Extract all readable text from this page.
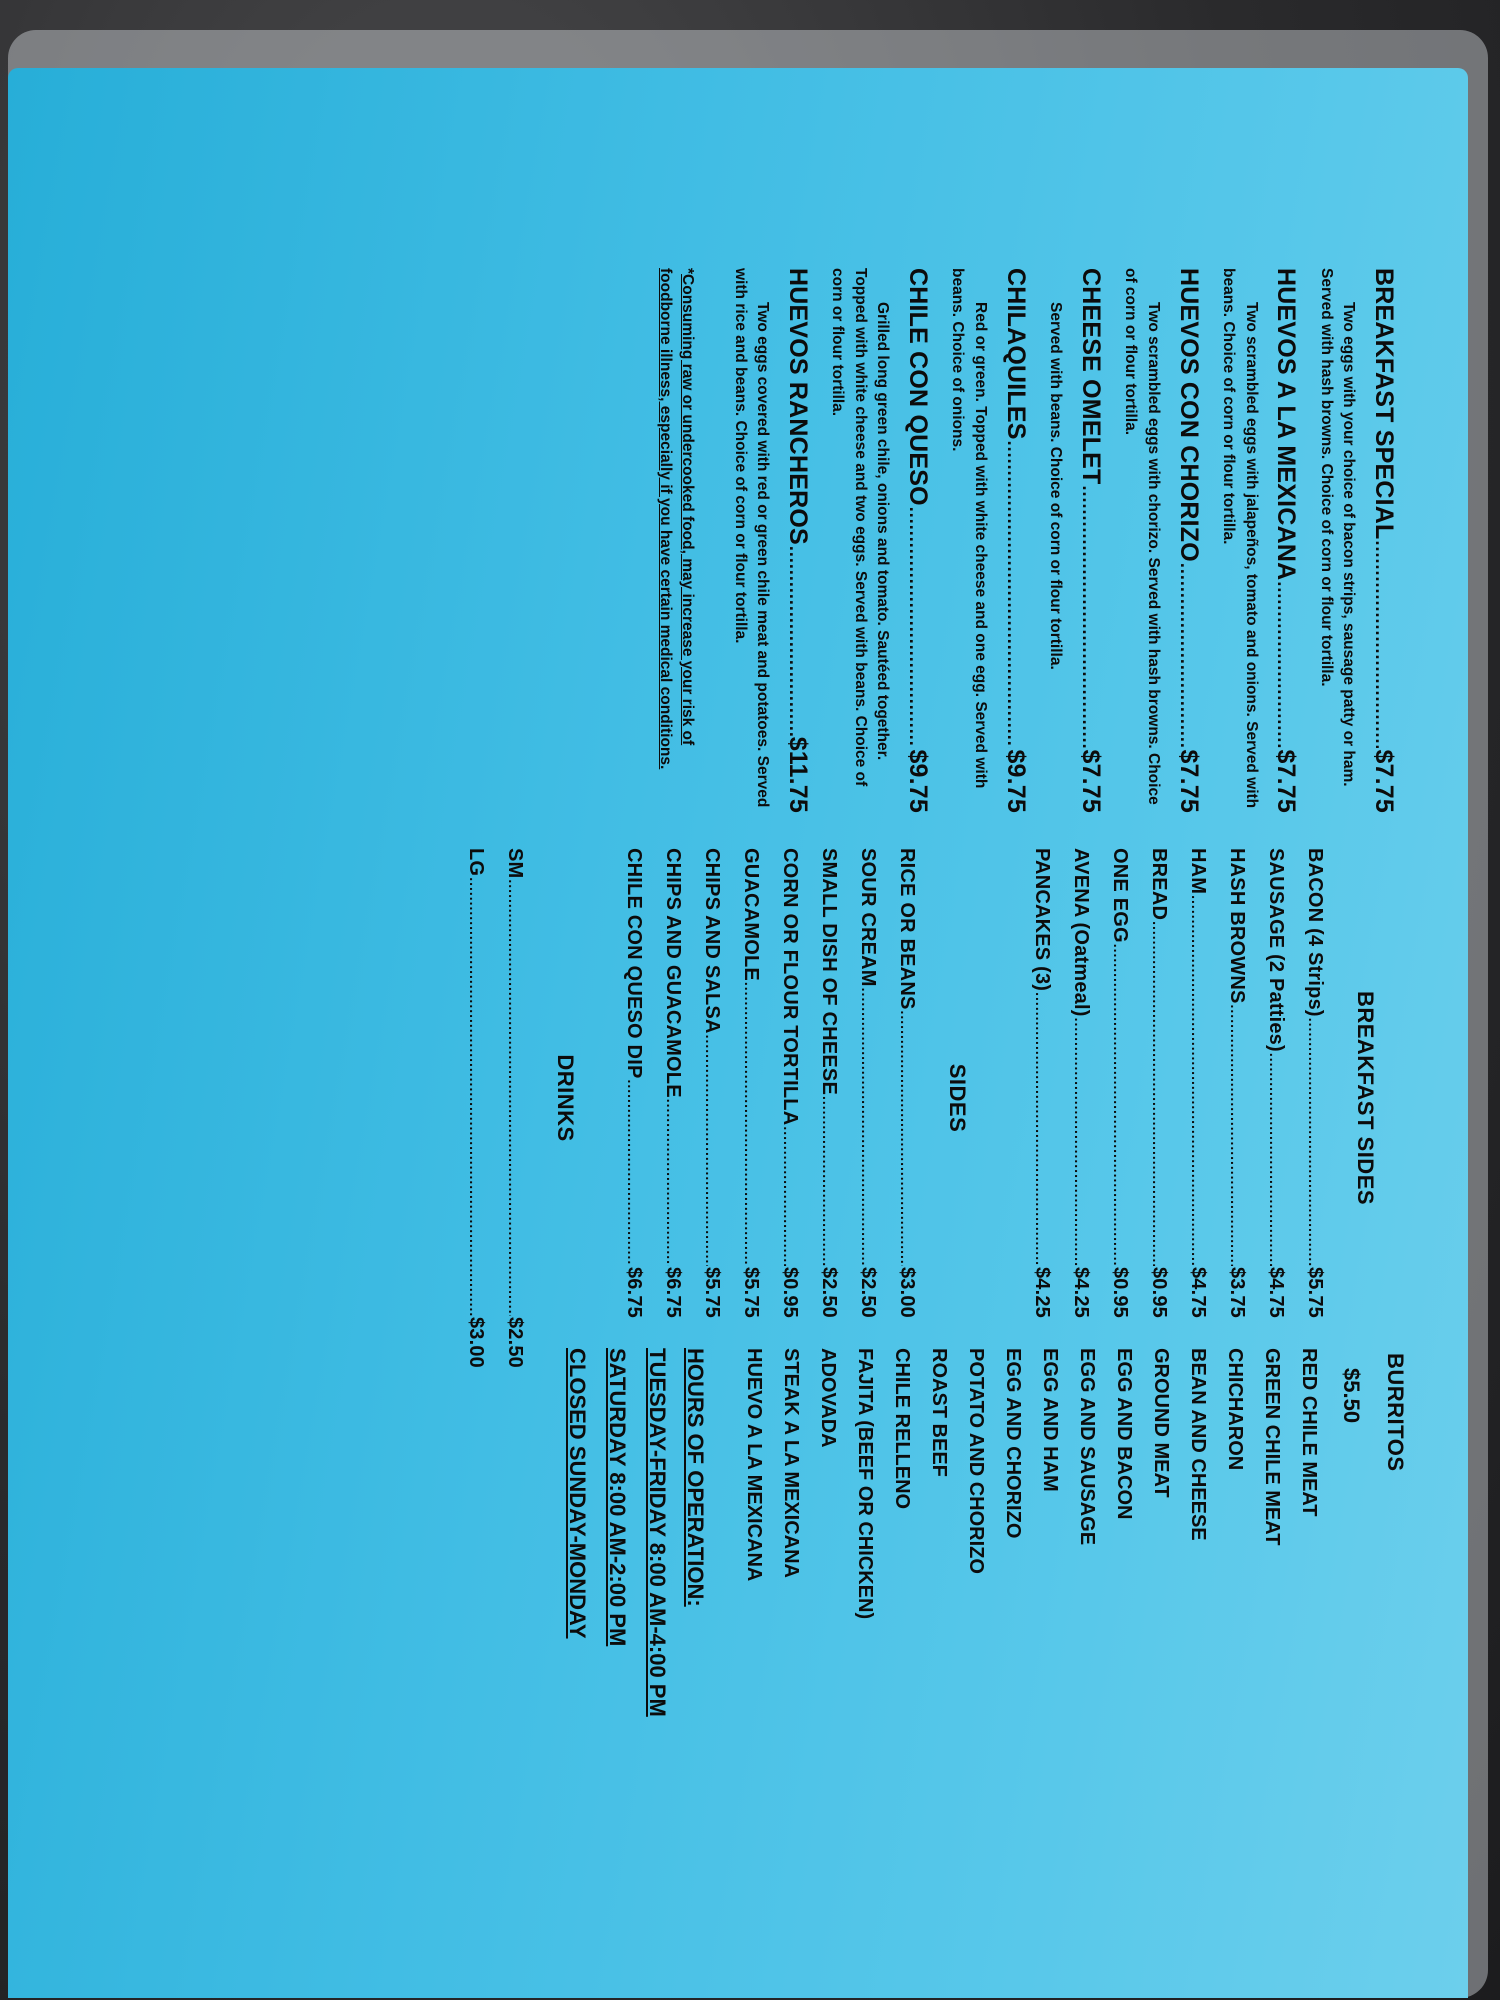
BREAKFAST SPECIAL
.....
$7.75
Two eggs with your choice of bacon strips, sausage patty or ham. Served with hash browns. Choice of corn or flour tortilla.
HUEVOS A LA MEXICANA
.....
$7.75
Two scrambled eggs with jalapeños, tomato and onions. Served with beans. Choice of corn or flour tortilla.
HUEVOS CON CHORIZO
.....
$7.75
Two scrambled eggs with chorizo. Served with hash browns. Choice of corn or flour tortilla.
CHEESE OMELET
.....
$7.75
Served with beans. Choice of corn or flour tortilla.
CHILAQUILES
.....
$9.75
Red or green. Topped with white cheese and one egg. Served with beans. Choice of onions.
CHILE CON QUESO
.....
$9.75
Grilled long green chile, onions and tomato. Sautéed together. Topped with white cheese and two eggs. Served with beans. Choice of corn or flour tortilla.
HUEVOS RANCHEROS
.....
$11.75
Two eggs covered with red or green chile meat and potatoes. Served with rice and beans. Choice of corn or flour tortilla.
*Consuming raw or undercooked food, may increase your risk of foodborne illness, especially if you have certain medical conditions.
BREAKFAST SIDES
BACON (4 Strips)
.....
$5.75
SAUSAGE (2 Patties)
.....
$4.75
HASH BROWNS
.....
$3.75
HAM
.....
$4.75
BREAD
.....
$0.95
ONE EGG
.....
$0.95
AVENA (Oatmeal)
.....
$4.25
PANCAKES (3)
.....
$4.25
SIDES
RICE OR BEANS
.....
$3.00
SOUR CREAM
.....
$2.50
SMALL DISH OF CHEESE
.....
$2.50
CORN OR FLOUR TORTILLA
.....
$0.95
GUACAMOLE
.....
$5.75
CHIPS AND SALSA
.....
$5.75
CHIPS AND GUACAMOLE
.....
$6.75
CHILE CON QUESO DIP
.....
$6.75
DRINKS
SM
.....
$2.50
LG
.....
$3.00
BURRITOS
$5.50
RED CHILE MEAT
GREEN CHILE MEAT
CHICHARON
BEAN AND CHEESE
GROUND MEAT
EGG AND BACON
EGG AND SAUSAGE
EGG AND HAM
EGG AND CHORIZO
POTATO AND CHORIZO
ROAST BEEF
CHILE RELLENO
FAJITA (BEEF OR CHICKEN)
ADOVADA
STEAK A LA MEXICANA
HUEVO A LA MEXICANA
HOURS OF OPERATION:
TUESDAY-FRIDAY 8:00 AM-4:00 PM
SATURDAY 8:00 AM-2:00 PM
CLOSED SUNDAY-MONDAY
